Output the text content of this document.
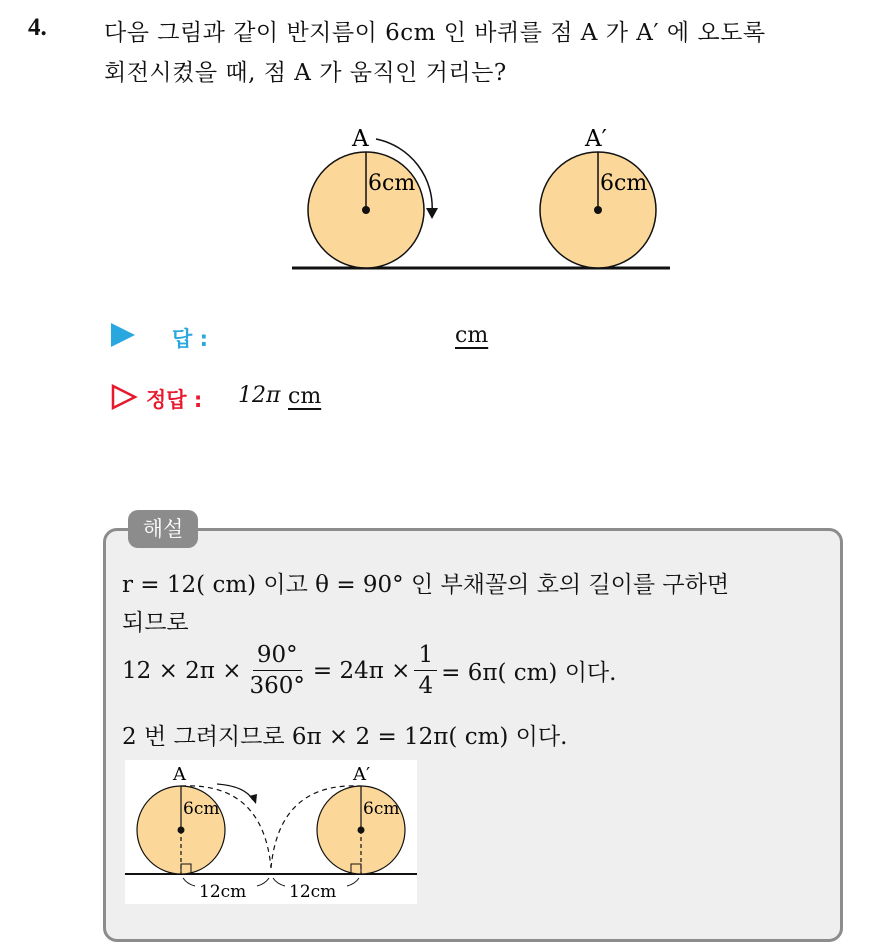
4. 다음 그림과 같이 반지름이 6cm 인 바퀴를 점 A 가 A′ 에 오도록
회전시켰을 때, 점 A 가 움직인 거리는?
A
6cm
A′
6cm
답 :	cm
정답 : 12π cm
해설
r = 12( cm) 이고 θ = 90° 인 부채꼴의 호의 길이를 구하면
되므로
$12 \times 2\pi \times \frac{90^\circ}{360^\circ} = 24\pi \times \frac{1}{4} = 6\pi$( cm) 이다.
2 번 그려지므로 6π × 2 = 12π( cm) 이다.
A
6cm
A′
6cm
12cm	12cm
